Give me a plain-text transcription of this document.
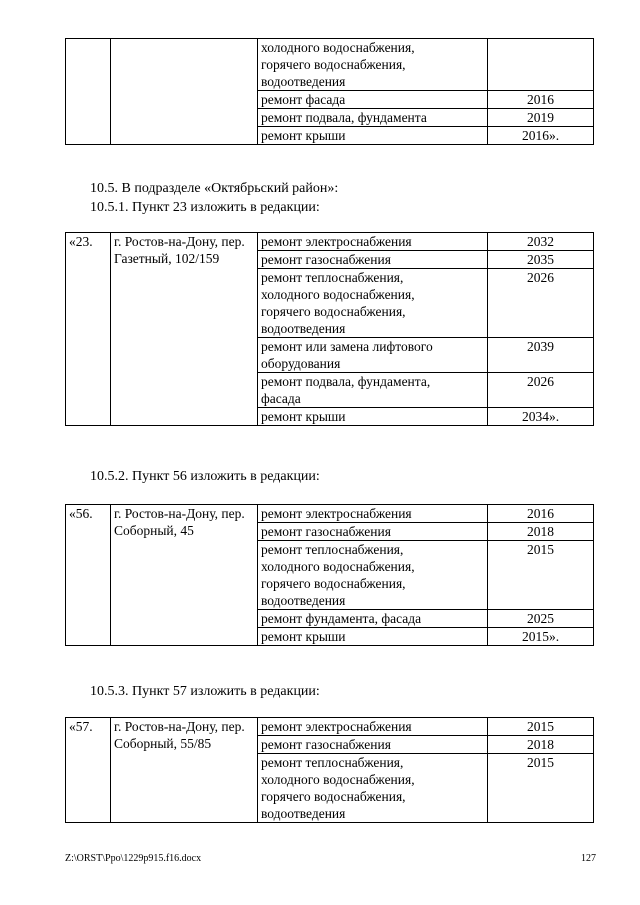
		холодного водоснабжения,
горячего водоснабжения,
водоотведения	
		ремонт фасада	2016
		ремонт подвала, фундамента	2019
		ремонт крыши	2016».
10.5. В подразделе «Октябрьский район»:
10.5.1. Пункт 23 изложить в редакции:
«23.	г. Ростов-на-Дону, пер. Газетный, 102/159	ремонт электроснабжения	2032
		ремонт газоснабжения	2035
		ремонт теплоснабжения,
холодного водоснабжения,
горячего водоснабжения,
водоотведения	2026
		ремонт или замена лифтового
оборудования	2039
		ремонт подвала, фундамента,
фасада	2026
		ремонт крыши	2034».
10.5.2. Пункт 56 изложить в редакции:
«56.	г. Ростов-на-Дону, пер. Соборный, 45	ремонт электроснабжения	2016
		ремонт газоснабжения	2018
		ремонт теплоснабжения,
холодного водоснабжения,
горячего водоснабжения,
водоотведения	2015
		ремонт фундамента, фасада	2025
		ремонт крыши	2015».
10.5.3. Пункт 57 изложить в редакции:
«57.	г. Ростов-на-Дону, пер. Соборный, 55/85	ремонт электроснабжения	2015
		ремонт газоснабжения	2018
		ремонт теплоснабжения,
холодного водоснабжения,
горячего водоснабжения,
водоотведения	2015
Z:\ORST\Ppo\1229p915.f16.docx	127
